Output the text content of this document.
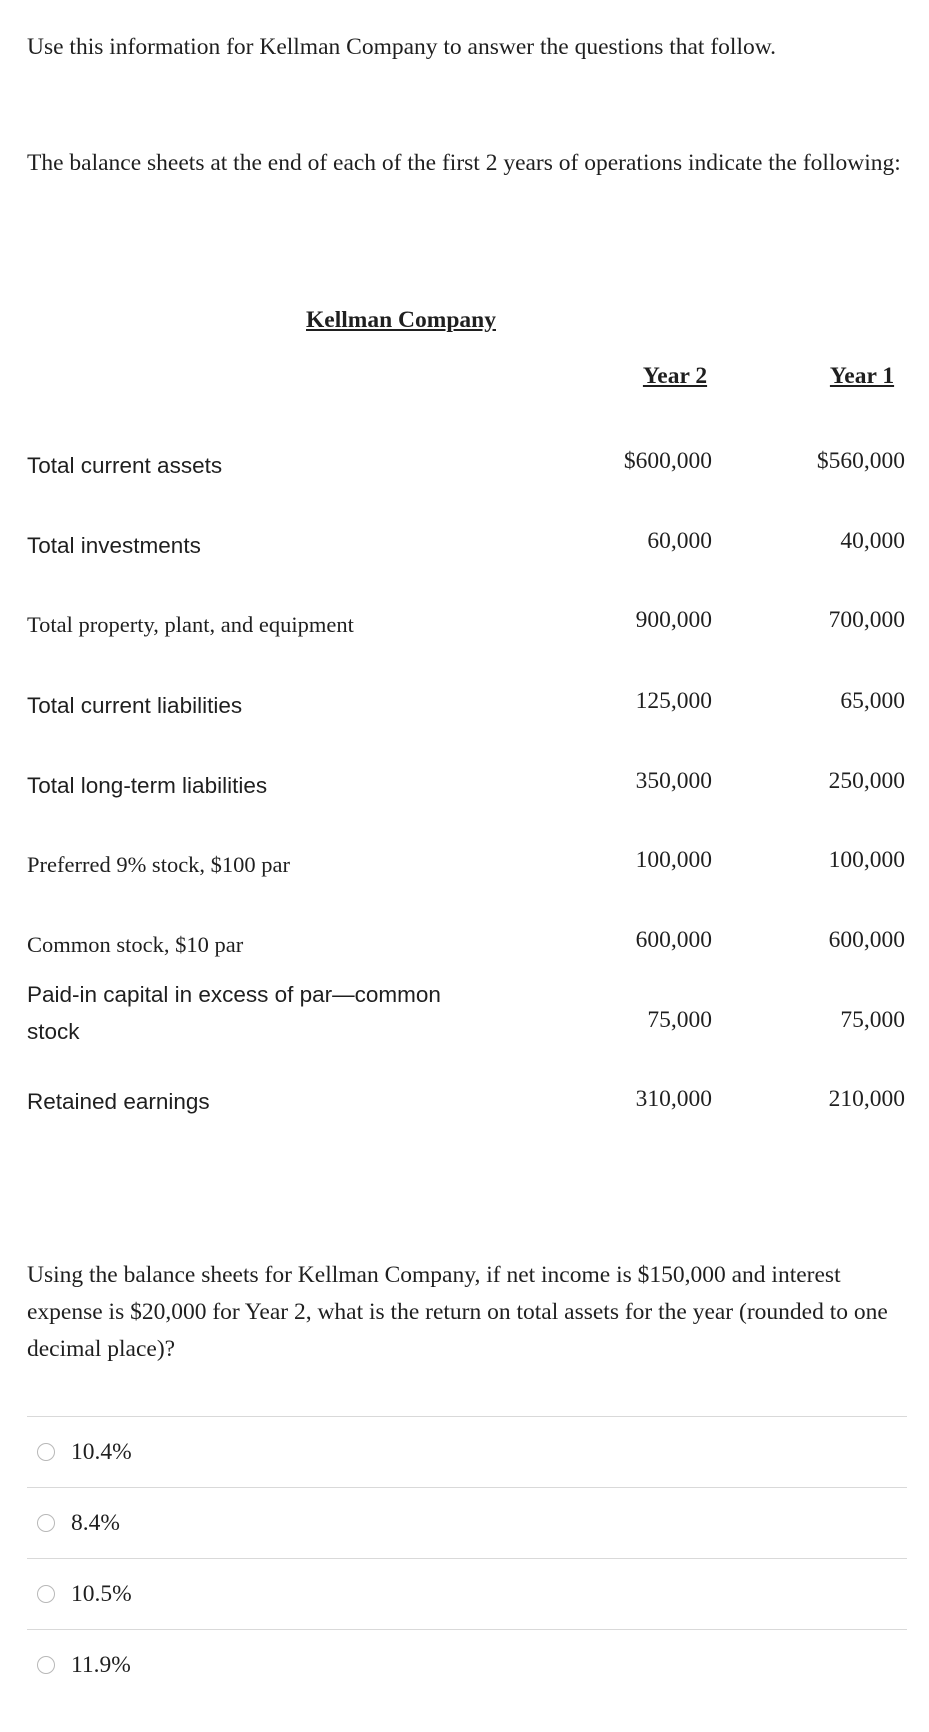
Use this information for Kellman Company to answer the questions that follow.
The balance sheets at the end of each of the first 2 years of operations indicate the following:
Kellman Company
Year 2	Year 1
Total current assets	$600,000	$560,000
Total investments	60,000	40,000
Total property, plant, and equipment	900,000	700,000
Total current liabilities	125,000	65,000
Total long-term liabilities	350,000	250,000
Preferred 9% stock, $100 par	100,000	100,000
Common stock, $10 par	600,000	600,000
Paid-in capital in excess of par—common stock	75,000	75,000
Retained earnings	310,000	210,000
Using the balance sheets for Kellman Company, if net income is $150,000 and interest expense is $20,000 for Year 2, what is the return on total assets for the year (rounded to one decimal place)?
10.4%
8.4%
10.5%
11.9%
